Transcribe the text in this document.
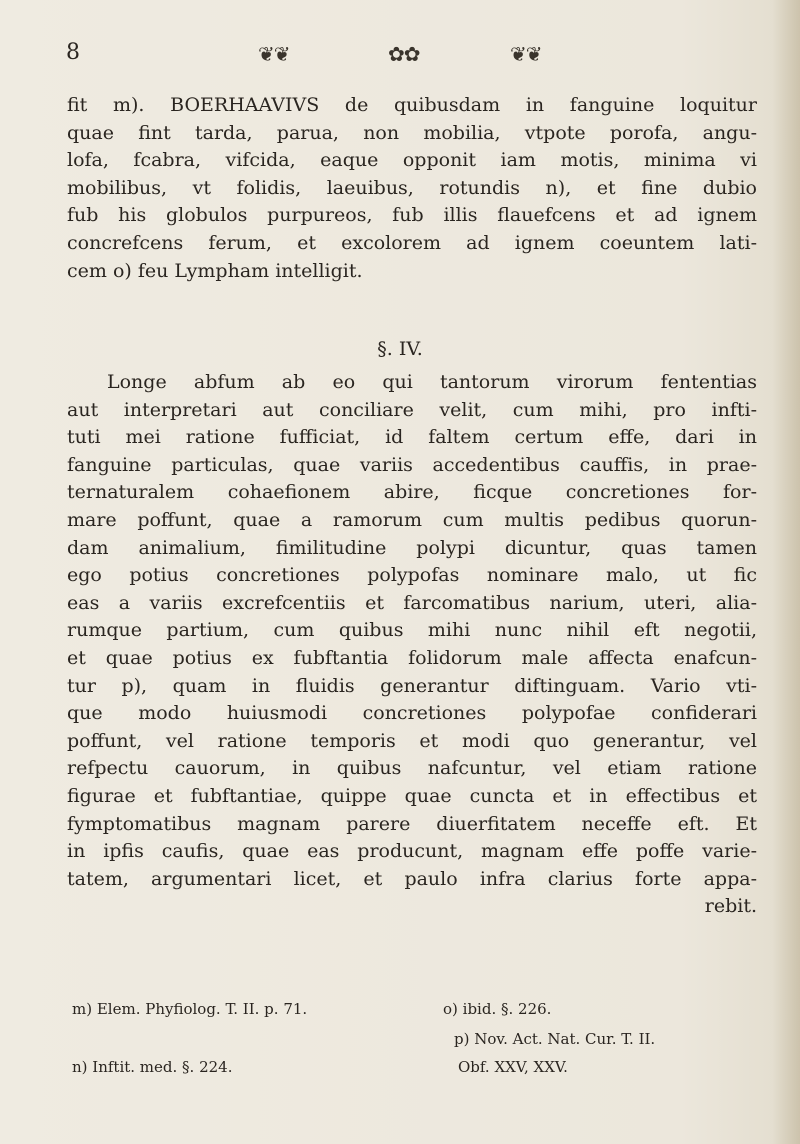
8	❦❦	✿✿	❦❦
fit m). BOERHAAVIVS de quibusdam in fanguine loquitur
quae fint tarda, parua, non mobilia, vtpote porofa, angu-
lofa, fcabra, vifcida, eaque opponit iam motis, minima vi
mobilibus, vt folidis, laeuibus, rotundis n), et fine dubio
fub his globulos purpureos, fub illis flauefcens et ad ignem
concrefcens ferum, et excolorem ad ignem coeuntem lati-
cem o) feu Lympham intelligit.
§. IV.
Longe abfum ab eo qui tantorum virorum fententias
aut interpretari aut conciliare velit, cum mihi, pro infti-
tuti mei ratione fufficiat, id faltem certum effe, dari in
fanguine particulas, quae variis accedentibus cauffis, in prae-
ternaturalem cohaefionem abire, ficque concretiones for-
mare poffunt, quae a ramorum cum multis pedibus quorun-
dam animalium, fimilitudine polypi dicuntur, quas tamen
ego potius concretiones polypofas nominare malo, ut fic
eas a variis excrefcentiis et farcomatibus narium, uteri, alia-
rumque partium, cum quibus mihi nunc nihil eft negotii,
et quae potius ex fubftantia folidorum male affecta enafcun-
tur p), quam in fluidis generantur diftinguam. Vario vti-
que modo huiusmodi concretiones polypofae confiderari
poffunt, vel ratione temporis et modi quo generantur, vel
refpectu cauorum, in quibus nafcuntur, vel etiam ratione
figurae et fubftantiae, quippe quae cuncta et in effectibus et
fymptomatibus magnam parere diuerfitatem neceffe eft. Et
in ipfis caufis, quae eas producunt, magnam effe poffe varie-
tatem, argumentari licet, et paulo infra clarius forte appa-
rebit.
m) Elem. Phyfiolog. T. II. p. 71.	o) ibid. §. 226.
p) Nov. Act. Nat. Cur. T. II.
n) Inftit. med. §. 224.	Obf. XXV, XXV.
